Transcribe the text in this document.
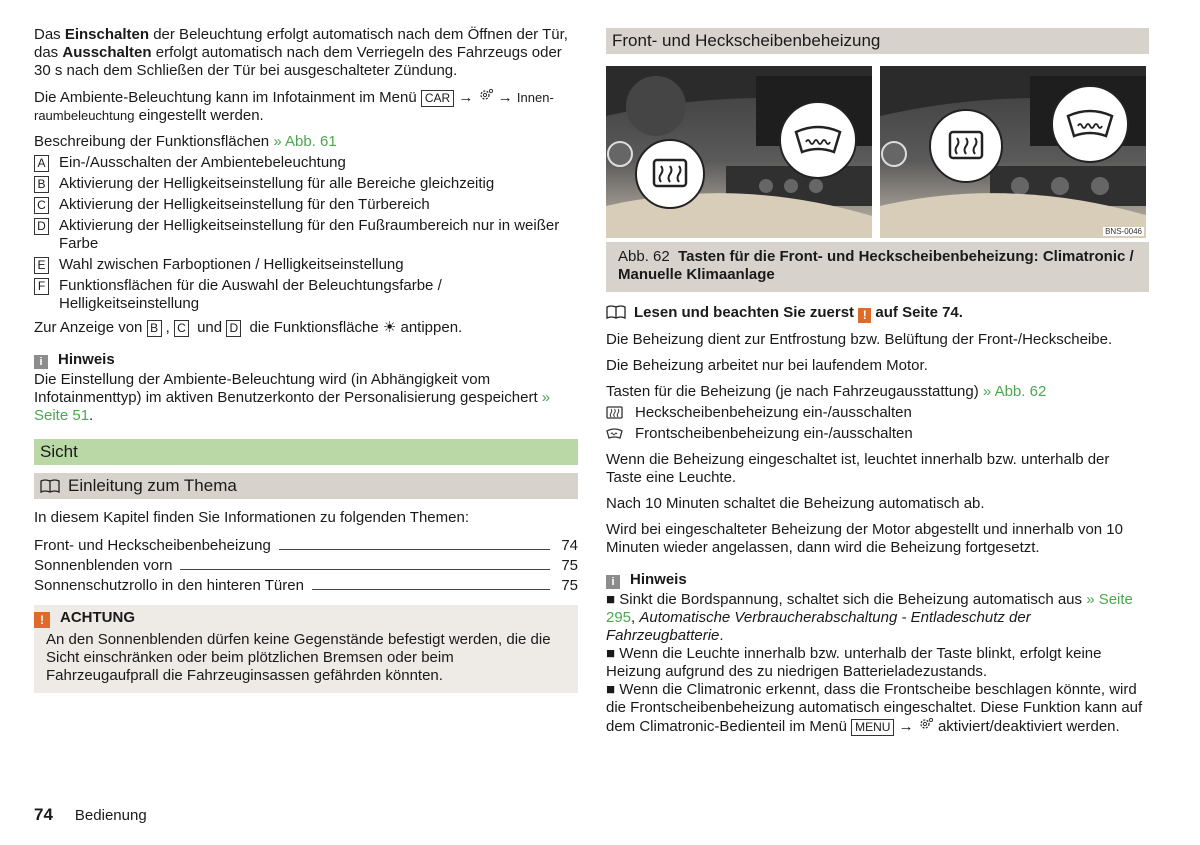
Das Einschalten der Beleuchtung erfolgt automatisch nach dem Öffnen der Tür, das Ausschalten erfolgt automatisch nach dem Verriegeln des Fahrzeugs oder 30 s nach dem Schließen der Tür bei ausgeschalteter Zündung.

Die Ambiente-Beleuchtung kann im Infotainment im Menü CAR →  → Innenraumbeleuchtung eingestellt werden.

Beschreibung der Funktionsflächen » Abb. 61
A Ein-/Ausschalten der Ambientebeleuchtung
B Aktivierung der Helligkeitseinstellung für alle Bereiche gleichzeitig
C Aktivierung der Helligkeitseinstellung für den Türbereich
D Aktivierung der Helligkeitseinstellung für den Fußraumbereich nur in weißer Farbe
E Wahl zwischen Farboptionen / Helligkeitseinstellung
F Funktionsflächen für die Auswahl der Beleuchtungsfarbe / Helligkeitseinstellung

Zur Anzeige von B , C und D die Funktionsfläche ☀ antippen.

i Hinweis

Die Einstellung der Ambiente-Beleuchtung wird (in Abhängigkeit vom Infotainmenttyp) im aktiven Benutzerkonto der Personalisierung gespeichert » Seite 51.

Sicht
Einleitung zum Thema

In diesem Kapitel finden Sie Informationen zu folgenden Themen:

Front- und Heckscheibenbeheizung	74
Sonnenblenden vorn	75
Sonnenschutzrollo in den hinteren Türen	75
! ACHTUNG
An den Sonnenblenden dürfen keine Gegenstände befestigt werden, die die Sicht einschränken oder beim plötzlichen Bremsen oder beim Fahrzeugaufprall die Fahrzeuginsassen gefährden könnten.
Front- und Heckscheibenbeheizung
BNS-0046
Abb. 62 Tasten für die Front- und Heckscheibenbeheizung: Climatronic / Manuelle Klimaanlage

Lesen und beachten Sie zuerst ! auf Seite 74.

Die Beheizung dient zur Entfrostung bzw. Belüftung der Front-/Heckscheibe.

Die Beheizung arbeitet nur bei laufendem Motor.

Tasten für die Beheizung (je nach Fahrzeugausstattung) » Abb. 62
Heckscheibenbeheizung ein-/ausschalten
Frontscheibenbeheizung ein-/ausschalten

Wenn die Beheizung eingeschaltet ist, leuchtet innerhalb bzw. unterhalb der Taste eine Leuchte.

Nach 10 Minuten schaltet die Beheizung automatisch ab.

Wird bei eingeschalteter Beheizung der Motor abgestellt und innerhalb von 10 Minuten wieder angelassen, dann wird die Beheizung fortgesetzt.

i Hinweis
■ Sinkt die Bordspannung, schaltet sich die Beheizung automatisch aus » Seite 295, Automatische Verbraucherabschaltung - Entladeschutz der Fahrzeugbatterie.
■ Wenn die Leuchte innerhalb bzw. unterhalb der Taste blinkt, erfolgt keine Heizung aufgrund des zu niedrigen Batterieladezustands.
■ Wenn die Climatronic erkennt, dass die Frontscheibe beschlagen könnte, wird die Frontscheibenbeheizung automatisch eingeschaltet. Diese Funktion kann auf dem Climatronic-Bedienteil im Menü MENU →  aktiviert/deaktiviert werden.
74 Bedienung
